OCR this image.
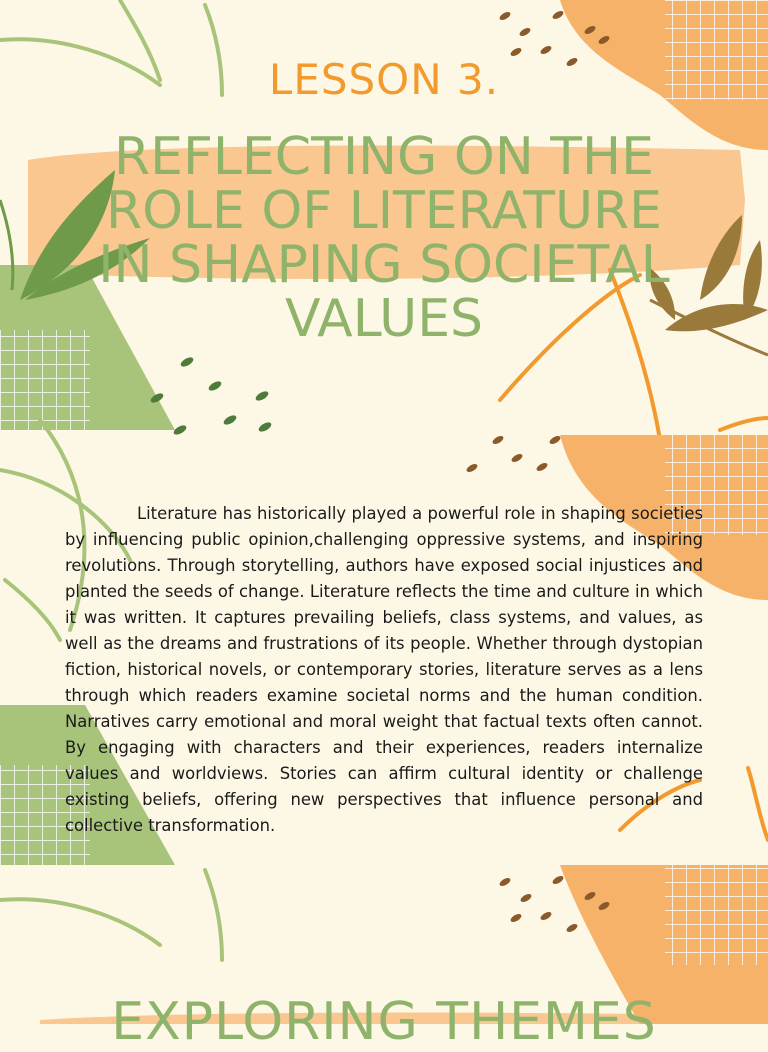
LESSON 3.
REFLECTING ON THE
ROLE OF LITERATURE
IN SHAPING SOCIETAL
VALUES

Literature has historically played a powerful role in shaping societies by influencing public opinion,challenging oppressive systems, and inspiring revolutions. Through storytelling, authors have exposed social injustices and planted the seeds of change. Literature reflects the time and culture in which it was written. It captures prevailing beliefs, class systems, and values, as well as the dreams and frustrations of its people. Whether through dystopian fiction, historical novels, or contemporary stories, literature serves as a lens through which readers examine societal norms and the human condition. Narratives carry emotional and moral weight that factual texts often cannot. By engaging with characters and their experiences, readers internalize values and worldviews. Stories can affirm cultural identity or challenge existing beliefs, offering new perspectives that influence personal and collective transformation.

EXPLORING THEMES
